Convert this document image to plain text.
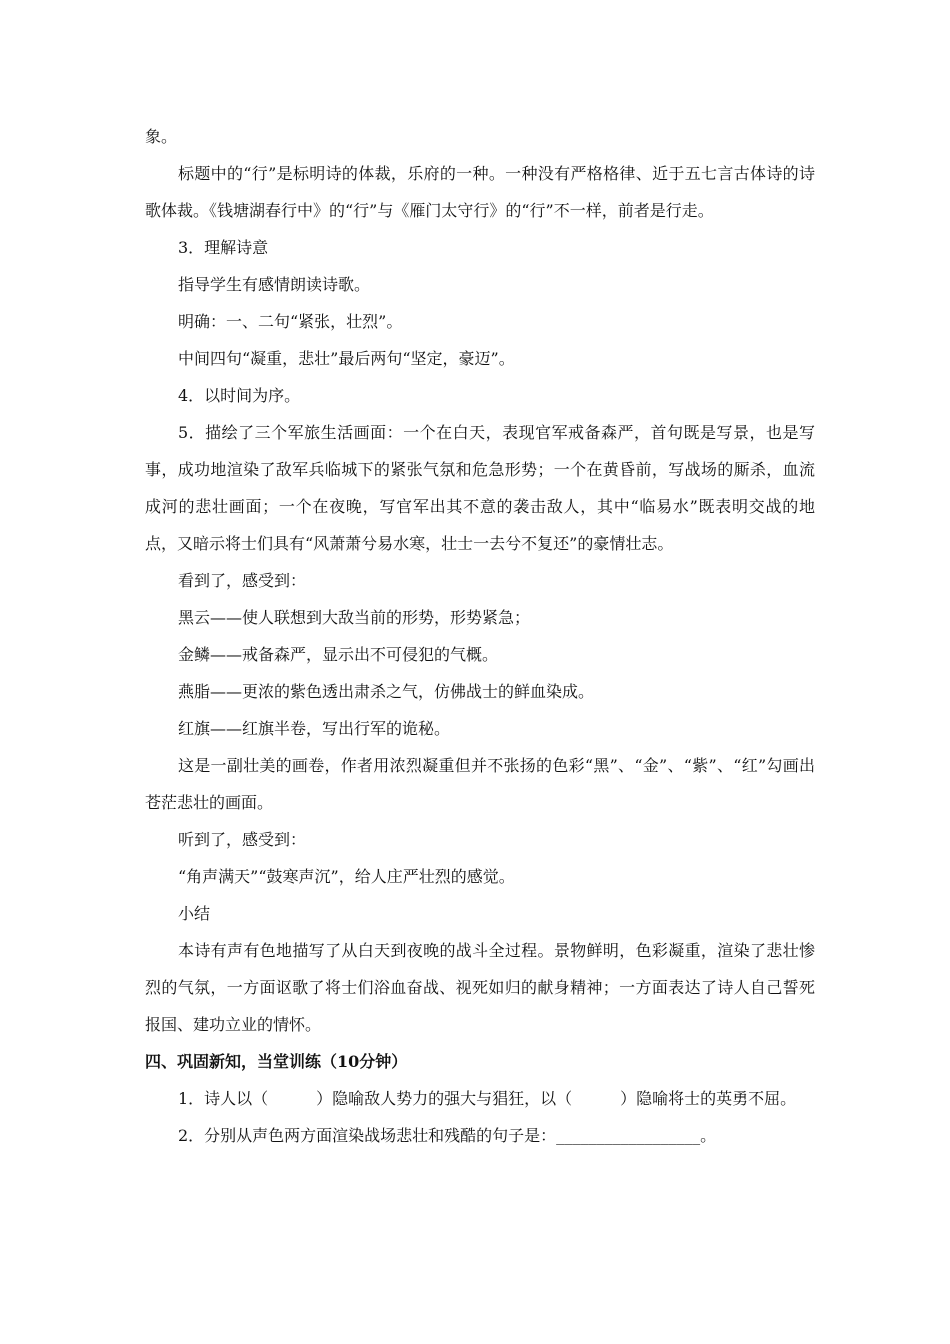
象。

标题中的“行”是标明诗的体裁，乐府的一种。一种没有严格格律、近于五七言古体诗的诗歌体裁。《钱塘湖春行中》的“行”与《雁门太守行》的“行”不一样，前者是行走。

3．理解诗意

指导学生有感情朗读诗歌。

明确：一、二句“紧张，壮烈”。

中间四句“凝重，悲壮”最后两句“坚定，豪迈”。

4．以时间为序。

5．描绘了三个军旅生活画面：一个在白天，表现官军戒备森严，首句既是写景，也是写事，成功地渲染了敌军兵临城下的紧张气氛和危急形势；一个在黄昏前，写战场的厮杀，血流成河的悲壮画面；一个在夜晚，写官军出其不意的袭击敌人，其中“临易水”既表明交战的地点，又暗示将士们具有“风萧萧兮易水寒，壮士一去兮不复还”的豪情壮志。

看到了，感受到：

黑云——使人联想到大敌当前的形势，形势紧急；

金鳞——戒备森严，显示出不可侵犯的气概。

燕脂——更浓的紫色透出肃杀之气，仿佛战士的鲜血染成。

红旗——红旗半卷，写出行军的诡秘。

这是一副壮美的画卷，作者用浓烈凝重但并不张扬的色彩“黑”、“金”、“紫”、“红”勾画出苍茫悲壮的画面。

听到了，感受到：

“角声满天”“鼓寒声沉”，给人庄严壮烈的感觉。

小结

本诗有声有色地描写了从白天到夜晚的战斗全过程。景物鲜明，色彩凝重，渲染了悲壮惨烈的气氛，一方面讴歌了将士们浴血奋战、视死如归的献身精神；一方面表达了诗人自己誓死报国、建功立业的情怀。

四、巩固新知，当堂训练（10分钟）

1．诗人以（　　　）隐喻敌人势力的强大与猖狂，以（　　　）隐喻将士的英勇不屈。

2．分别从声色两方面渲染战场悲壮和残酷的句子是：__________________。
